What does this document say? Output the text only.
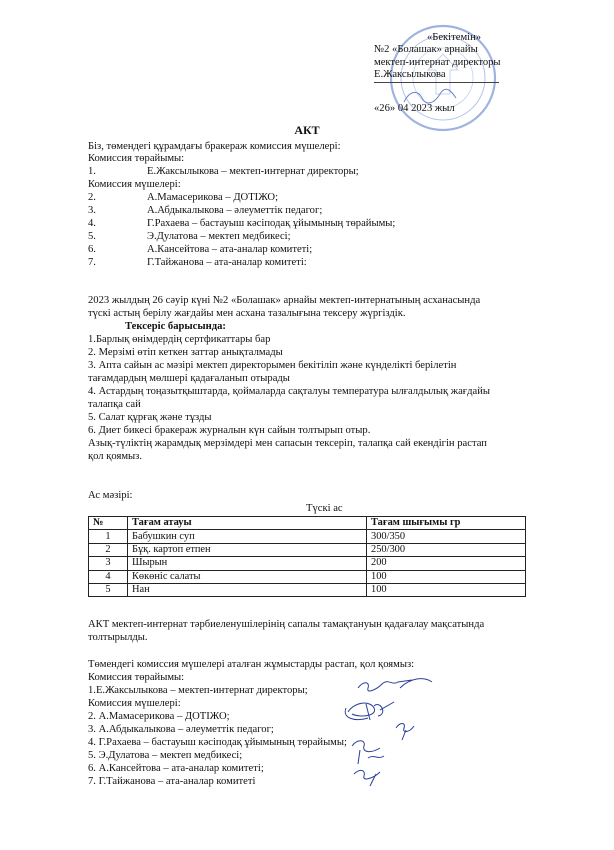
«Бекітемін»
№2 «Болашак» арнайы
мектеп-интернат директоры
Е.Жаксылыкова
«26» 04 2023 жыл
АКТ
Біз, төмендегі құрамдағы бракераж комиссия мүшелері:
Комиссия төрайымы:
1.	Е.Жаксылыкова – мектеп-интернат директоры;
Комиссия мүшелері:
2.	А.Мамасерикова – ДОТІЖО;
3.	А.Абдыкалыкова – әлеуметтік педагог;
4.	Г.Рахаева – бастауыш кәсіподақ ұйымының төрайымы;
5.	Э.Дулатова – мектеп медбикесі;
6.	А.Кансейтова – ата-аналар комитеті;
7.	Г.Тайжанова – ата-аналар комитеті:
2023 жылдың 26 сәуір күні №2 «Болашак» арнайы мектеп-интернатының асханасында
түскі астың берілу жағдайы мен асхана тазалығына тексеру жүргіздік.
Тексеріс барысында:
1.Барлық өнімдердің сертфикаттары бар
2. Мерзімі өтіп кеткен заттар анықталмады
3. Апта сайын ас мәзірі мектеп директорымен бекітіліп және күнделікті берілетін
тағамдардың мөлшері қадағаланып отырады
4. Астардың тоңазытқыштарда, қоймаларда сақталуы температура ылғалдылық жағдайы
талапқа сай
5. Салат құрғақ және тұзды
6. Диет бикесі бракераж журналын күн сайын толтырып отыр.
Азық-түліктің жарамдық мерзімдері мен сапасын тексеріп, талапқа сай екендігін растап
қол қоямыз.
Ас мәзірі:
Түскі ас
№	Тағам атауы	Тағам шығымы гр
1	Бабушкин суп	300/350
2	Бұқ. картоп етпен	250/300
3	Шырын	200
4	Көкөніс салаты	100
5	Нан	100
АКТ мектеп-интернат тәрбиеленушілерінің сапалы тамақтануын қадағалау мақсатында
толтырылды.
Төмендегі комиссия мүшелері аталған жұмыстарды растап, қол қоямыз:
Комиссия төрайымы:
1.Е.Жаксылыкова – мектеп-интернат директоры;
Комиссия мүшелері:
2. А.Мамасерикова – ДОТІЖО;
3. А.Абдыкалыкова – әлеуметтік педагог;
4. Г.Рахаева – бастауыш кәсіподақ ұйымының төрайымы;
5. Э.Дулатова – мектеп медбикесі;
6. А.Кансейтова – ата-аналар комитеті;
7. Г.Тайжанова – ата-аналар комитеті
